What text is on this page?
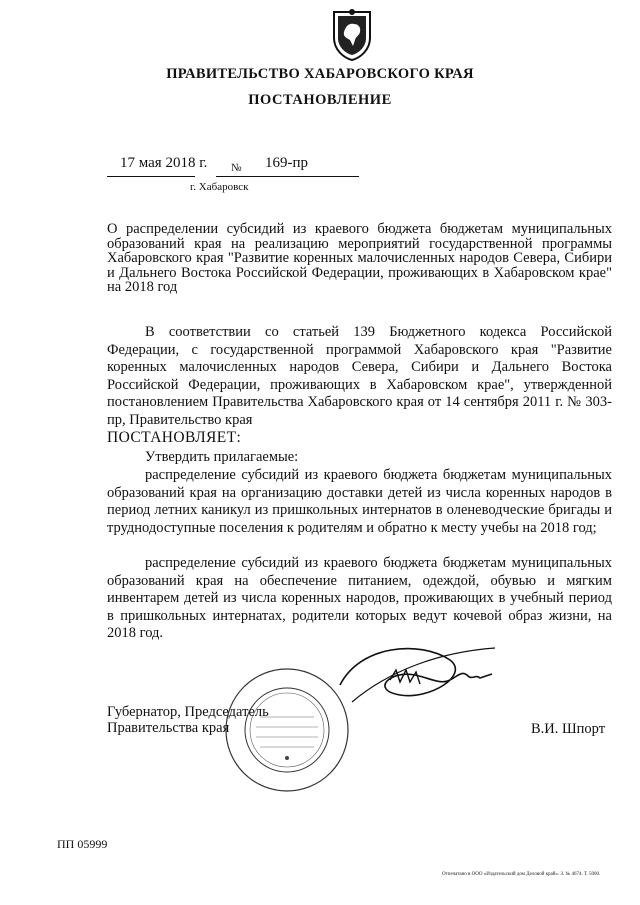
ПРАВИТЕЛЬСТВО ХАБАРОВСКОГО КРАЯ
ПОСТАНОВЛЕНИЕ
17 мая 2018 г. № 169-пр
г. Хабаровск
О распределении субсидий из краевого бюджета бюджетам муниципальных образований края на реализацию мероприятий государственной программы Хабаровского края "Развитие коренных малочисленных народов Севера, Сибири и Дальнего Востока Российской Федерации, проживающих в Хабаровском крае" на 2018 год

В соответствии со статьей 139 Бюджетного кодекса Российской Федерации, с государственной программой Хабаровского края "Развитие коренных малочисленных народов Севера, Сибири и Дальнего Востока Российской Федерации, проживающих в Хабаровском крае", утвержденной постановлением Правительства Хабаровского края от 14 сентября 2011 г. № 303-пр, Правительство края

ПОСТАНОВЛЯЕТ:

Утвердить прилагаемые:

распределение субсидий из краевого бюджета бюджетам муниципальных образований края на организацию доставки детей из числа коренных народов в период летних каникул из пришкольных интернатов в оленеводческие бригады и труднодоступные поселения к родителям и обратно к месту учебы на 2018 год;

распределение субсидий из краевого бюджета бюджетам муниципальных образований края на обеспечение питанием, одеждой, обувью и мягким инвентарем детей из числа коренных народов, проживающих в учебный период в пришкольных интернатах, родители которых ведут кочевой образ жизни, на 2018 год.

Губернатор, Председатель
Правительства края	В.И. Шпорт
ПП 05999
Отпечатано в ООО «Издательский дом Деловой край». З. № 4674. Т. 5000.
